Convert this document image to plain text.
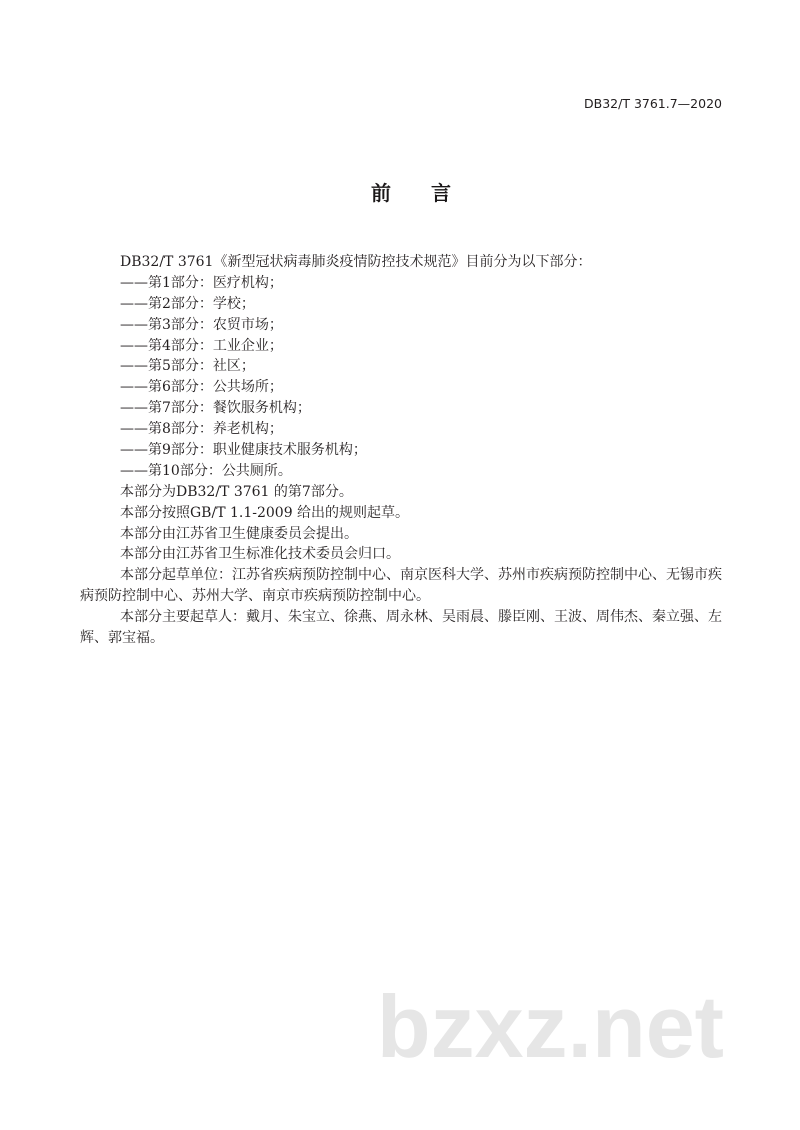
DB32/T 3761.7—2020
前　　言
DB32/T 3761《新型冠状病毒肺炎疫情防控技术规范》目前分为以下部分：
——第1部分：医疗机构；
——第2部分：学校；
——第3部分：农贸市场；
——第4部分：工业企业；
——第5部分：社区；
——第6部分：公共场所；
——第7部分：餐饮服务机构；
——第8部分：养老机构；
——第9部分：职业健康技术服务机构；
——第10部分：公共厕所。
本部分为DB32/T 3761 的第7部分。
本部分按照GB/T 1.1-2009 给出的规则起草。
本部分由江苏省卫生健康委员会提出。
本部分由江苏省卫生标准化技术委员会归口。
本部分起草单位：江苏省疾病预防控制中心、南京医科大学、苏州市疾病预防控制中心、无锡市疾
病预防控制中心、苏州大学、南京市疾病预防控制中心。
本部分主要起草人：戴月、朱宝立、徐燕、周永林、吴雨晨、滕臣刚、王波、周伟杰、秦立强、左
辉、郭宝福。
bzxz.net
